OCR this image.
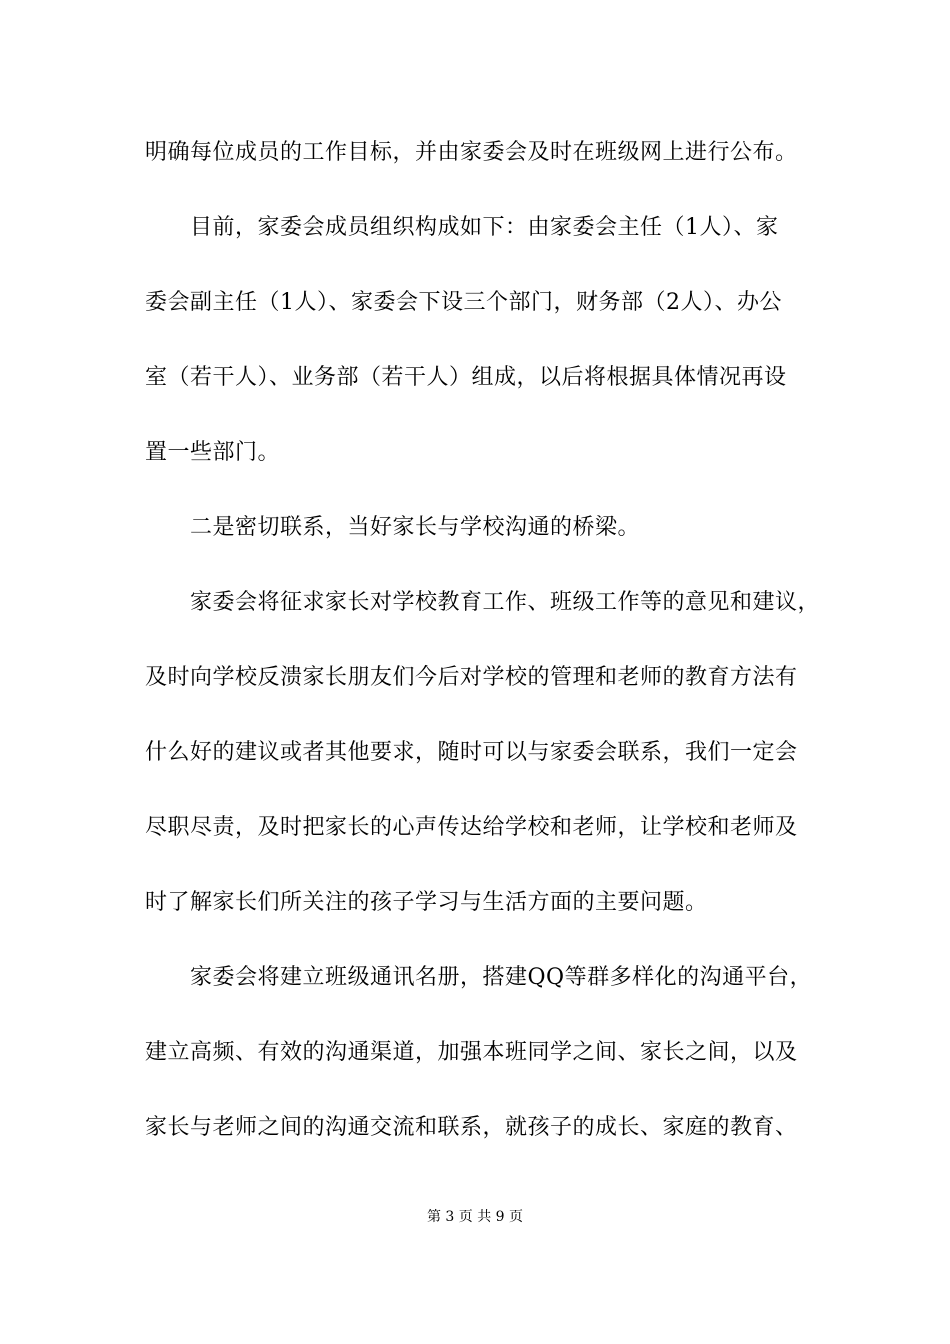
明确每位成员的工作目标，并由家委会及时在班级网上进行公布。
目前，家委会成员组织构成如下：由家委会主任（1人）、家
委会副主任（1人）、家委会下设三个部门，财务部（2人）、办公
室（若干人）、业务部（若干人）组成，以后将根据具体情况再设
置一些部门。
二是密切联系，当好家长与学校沟通的桥梁。
家委会将征求家长对学校教育工作、班级工作等的意见和建议，
及时向学校反溃家长朋友们今后对学校的管理和老师的教育方法有
什么好的建议或者其他要求，随时可以与家委会联系，我们一定会
尽职尽责，及时把家长的心声传达给学校和老师，让学校和老师及
时了解家长们所关注的孩子学习与生活方面的主要问题。
家委会将建立班级通讯名册，搭建QQ等群多样化的沟通平台，
建立高频、有效的沟通渠道，加强本班同学之间、家长之间，以及
家长与老师之间的沟通交流和联系，就孩子的成长、家庭的教育、
第 3 页 共 9 页
